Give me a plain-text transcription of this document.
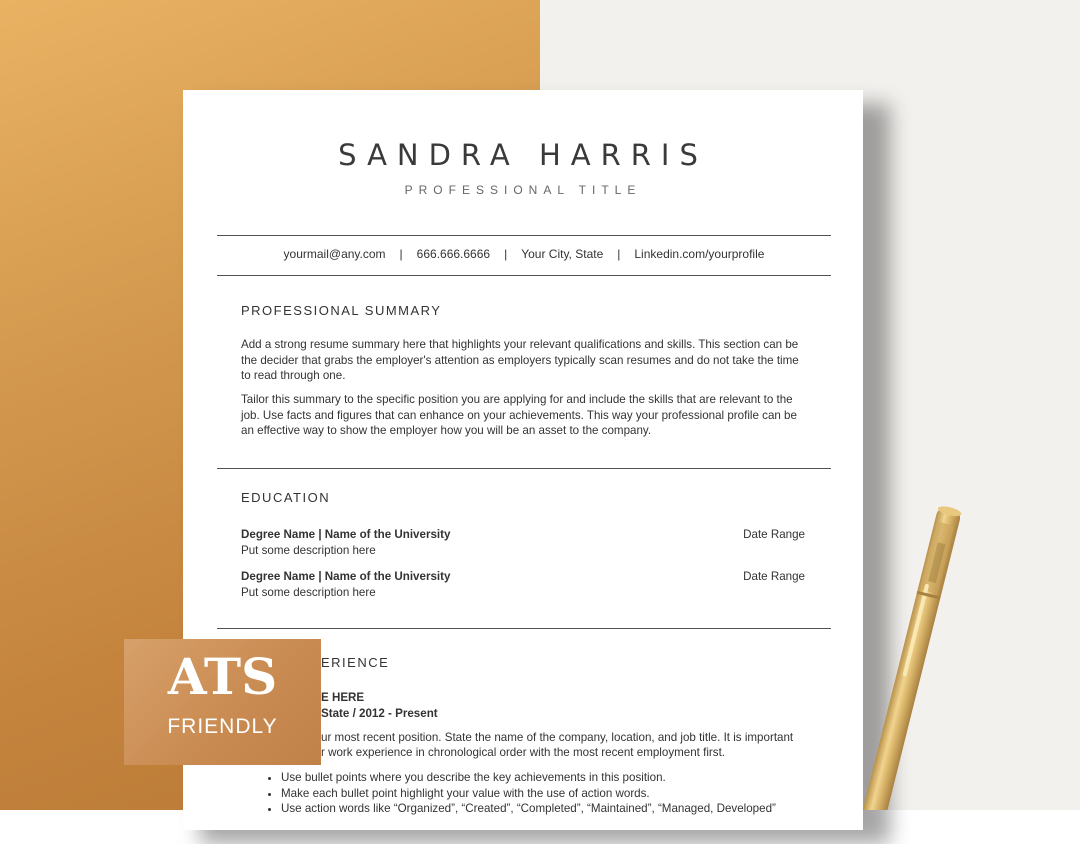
SANDRA HARRIS
PROFESSIONAL TITLE
yourmail@any.com | 666.666.6666 | Your City, State | Linkedin.com/yourprofile
PROFESSIONAL SUMMARY

Add a strong resume summary here that highlights your relevant qualifications and skills. This section can be the decider that grabs the employer's attention as employers typically scan resumes and do not take the time to read through one.

Tailor this summary to the specific position you are applying for and include the skills that are relevant to the job. Use facts and figures that can enhance on your achievements. This way your professional profile can be an effective way to show the employer how you will be an asset to the company.

EDUCATION
Degree Name | Name of the University	Date Range
Put some description here
Degree Name | Name of the University	Date Range
Put some description here
ERIENCE
E HERE
State / 2012 - Present
ur most recent position. State the name of the company, location, and job title. It is important
r work experience in chronological order with the most recent employment first.
• Use bullet points where you describe the key achievements in this position.
• Make each bullet point highlight your value with the use of action words.
• Use action words like “Organized”, “Created”, “Completed”, “Maintained”, “Managed, Developed”
ATS
FRIENDLY
